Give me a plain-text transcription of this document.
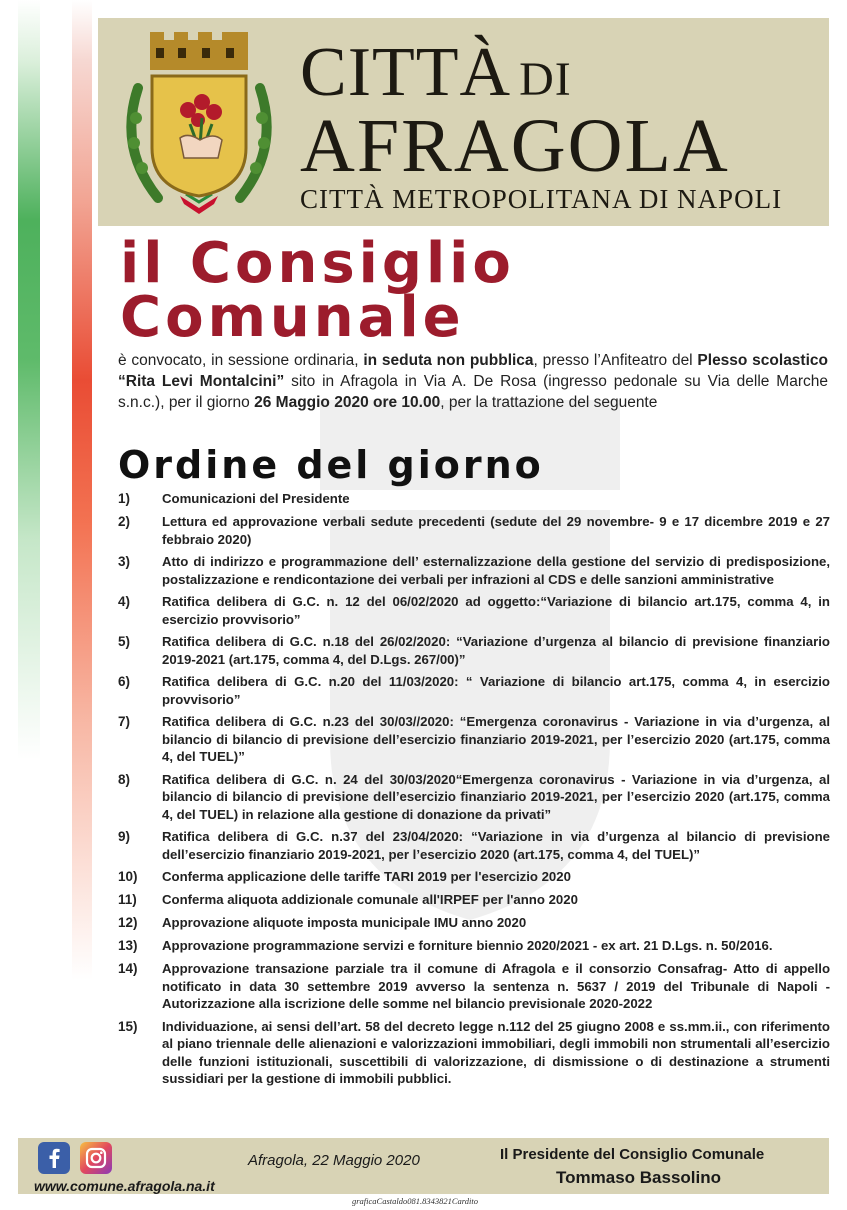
CITTÀ DI
AFRAGOLA
CITTÀ METROPOLITANA DI NAPOLI
il Consiglio
Comunale

è convocato, in sessione ordinaria, in seduta non pubblica, presso l’Anfiteatro del Plesso scolastico “Rita Levi Montalcini” sito in Afragola in Via A. De Rosa (ingresso pedonale su Via delle Marche s.n.c.), per il giorno 26 Maggio 2020 ore 10.00, per la trattazione del seguente

Ordine del giorno
1)	Comunicazioni del Presidente
2)	Lettura ed approvazione verbali sedute precedenti (sedute del 29 novembre- 9 e 17 dicembre 2019 e 27 febbraio 2020)
3)	Atto di indirizzo e programmazione dell’ esternalizzazione della gestione del servizio di predisposizione, postalizzazione e rendicontazione dei verbali per infrazioni al CDS e delle sanzioni amministrative
4)	Ratifica delibera di G.C. n. 12 del 06/02/2020 ad oggetto:“Variazione di bilancio art.175, comma 4, in esercizio provvisorio”
5)	Ratifica delibera di G.C. n.18 del 26/02/2020: “Variazione d’urgenza al bilancio di previsione finanziario 2019-2021 (art.175, comma 4, del D.Lgs. 267/00)”
6)	Ratifica delibera di G.C. n.20 del 11/03/2020: “ Variazione di bilancio art.175, comma 4, in esercizio provvisorio”
7)	Ratifica delibera di G.C. n.23 del 30/03//2020: “Emergenza coronavirus - Variazione in via d’urgenza, al bilancio di bilancio di previsione dell’esercizio finanziario 2019-2021, per l’esercizio 2020 (art.175, comma 4, del TUEL)”
8)	Ratifica delibera di G.C. n. 24 del 30/03/2020“Emergenza coronavirus - Variazione in via d’urgenza, al bilancio di bilancio di previsione dell’esercizio finanziario 2019-2021, per l’esercizio 2020 (art.175, comma 4, del TUEL) in relazione alla gestione di donazione da privati”
9)	Ratifica delibera di G.C. n.37 del 23/04/2020: “Variazione in via d’urgenza al bilancio di previsione dell’esercizio finanziario 2019-2021, per l’esercizio 2020 (art.175, comma 4, del TUEL)”
10)	Conferma applicazione delle tariffe TARI 2019 per l'esercizio 2020
11)	Conferma aliquota addizionale comunale all'IRPEF per l'anno 2020
12)	Approvazione aliquote imposta municipale IMU anno 2020
13)	Approvazione programmazione servizi e forniture biennio 2020/2021 - ex art. 21 D.Lgs. n. 50/2016.
14)	Approvazione transazione parziale tra il comune di Afragola e il consorzio Consafrag- Atto di appello notificato in data 30 settembre 2019 avverso la sentenza n. 5637 / 2019 del Tribunale di Napoli - Autorizzazione alla iscrizione delle somme nel bilancio previsionale 2020-2022
15)	Individuazione, ai sensi dell’art. 58 del decreto legge n.112 del 25 giugno 2008 e ss.mm.ii., con riferimento al piano triennale delle alienazioni e valorizzazioni immobiliari, degli immobili non strumentali all’esercizio delle funzioni istituzionali, suscettibili di valorizzazione, di dismissione o di destinazione a strumenti sussidiari per la gestione di immobili pubblici.
www.comune.afragola.na.it
Afragola, 22 Maggio 2020	Il Presidente del Consiglio Comunale
Tommaso Bassolino
graficaCastaldo081.8343821Cardito
